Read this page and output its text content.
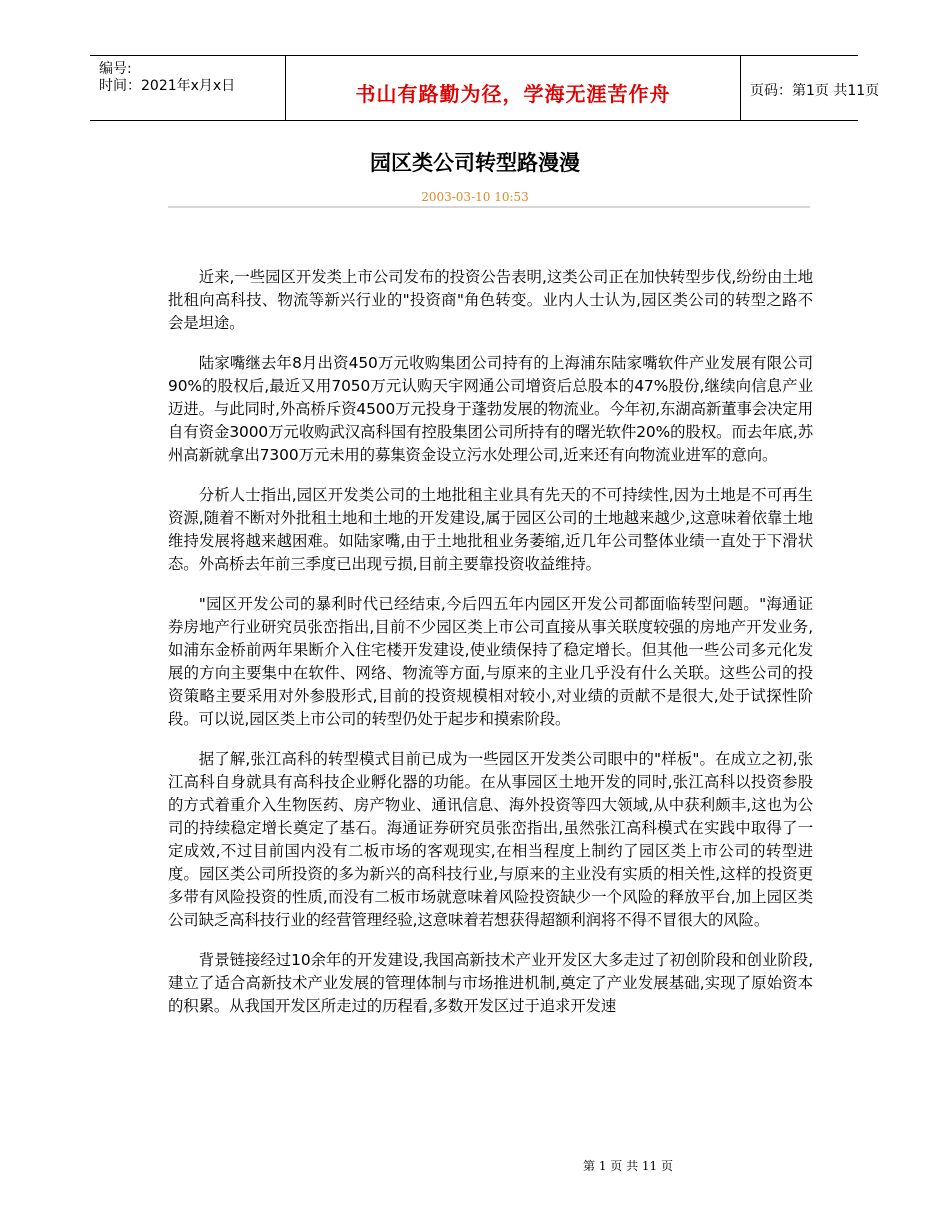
编号:
时间：2021年x月x日	书山有路勤为径，学海无涯苦作舟	页码：第1页 共11页
园区类公司转型路漫漫
2003-03-10 10:53

近来,一些园区开发类上市公司发布的投资公告表明,这类公司正在加快转型步伐,纷纷由土地批租向高科技、物流等新兴行业的"投资商"角色转变。业内人士认为,园区类公司的转型之路不会是坦途。

陆家嘴继去年8月出资450万元收购集团公司持有的上海浦东陆家嘴软件产业发展有限公司90%的股权后,最近又用7050万元认购天宇网通公司增资后总股本的47%股份,继续向信息产业迈进。与此同时,外高桥斥资4500万元投身于蓬勃发展的物流业。今年初,东湖高新董事会决定用自有资金3000万元收购武汉高科国有控股集团公司所持有的曙光软件20%的股权。而去年底,苏州高新就拿出7300万元未用的募集资金设立污水处理公司,近来还有向物流业进军的意向。

分析人士指出,园区开发类公司的土地批租主业具有先天的不可持续性,因为土地是不可再生资源,随着不断对外批租土地和土地的开发建设,属于园区公司的土地越来越少,这意味着依靠土地维持发展将越来越困难。如陆家嘴,由于土地批租业务萎缩,近几年公司整体业绩一直处于下滑状态。外高桥去年前三季度已出现亏损,目前主要靠投资收益维持。

"园区开发公司的暴利时代已经结束,今后四五年内园区开发公司都面临转型问题。"海通证券房地产行业研究员张峦指出,目前不少园区类上市公司直接从事关联度较强的房地产开发业务,如浦东金桥前两年果断介入住宅楼开发建设,使业绩保持了稳定增长。但其他一些公司多元化发展的方向主要集中在软件、网络、物流等方面,与原来的主业几乎没有什么关联。这些公司的投资策略主要采用对外参股形式,目前的投资规模相对较小,对业绩的贡献不是很大,处于试探性阶段。可以说,园区类上市公司的转型仍处于起步和摸索阶段。

据了解,张江高科的转型模式目前已成为一些园区开发类公司眼中的"样板"。在成立之初,张江高科自身就具有高科技企业孵化器的功能。在从事园区土地开发的同时,张江高科以投资参股的方式着重介入生物医药、房产物业、通讯信息、海外投资等四大领域,从中获利颇丰,这也为公司的持续稳定增长奠定了基石。海通证券研究员张峦指出,虽然张江高科模式在实践中取得了一定成效,不过目前国内没有二板市场的客观现实,在相当程度上制约了园区类上市公司的转型进度。园区类公司所投资的多为新兴的高科技行业,与原来的主业没有实质的相关性,这样的投资更多带有风险投资的性质,而没有二板市场就意味着风险投资缺少一个风险的释放平台,加上园区类公司缺乏高科技行业的经营管理经验,这意味着若想获得超额利润将不得不冒很大的风险。

背景链接经过10余年的开发建设,我国高新技术产业开发区大多走过了初创阶段和创业阶段,建立了适合高新技术产业发展的管理体制与市场推进机制,奠定了产业发展基础,实现了原始资本的积累。从我国开发区所走过的历程看,多数开发区过于追求开发速

第 1 页 共 11 页
